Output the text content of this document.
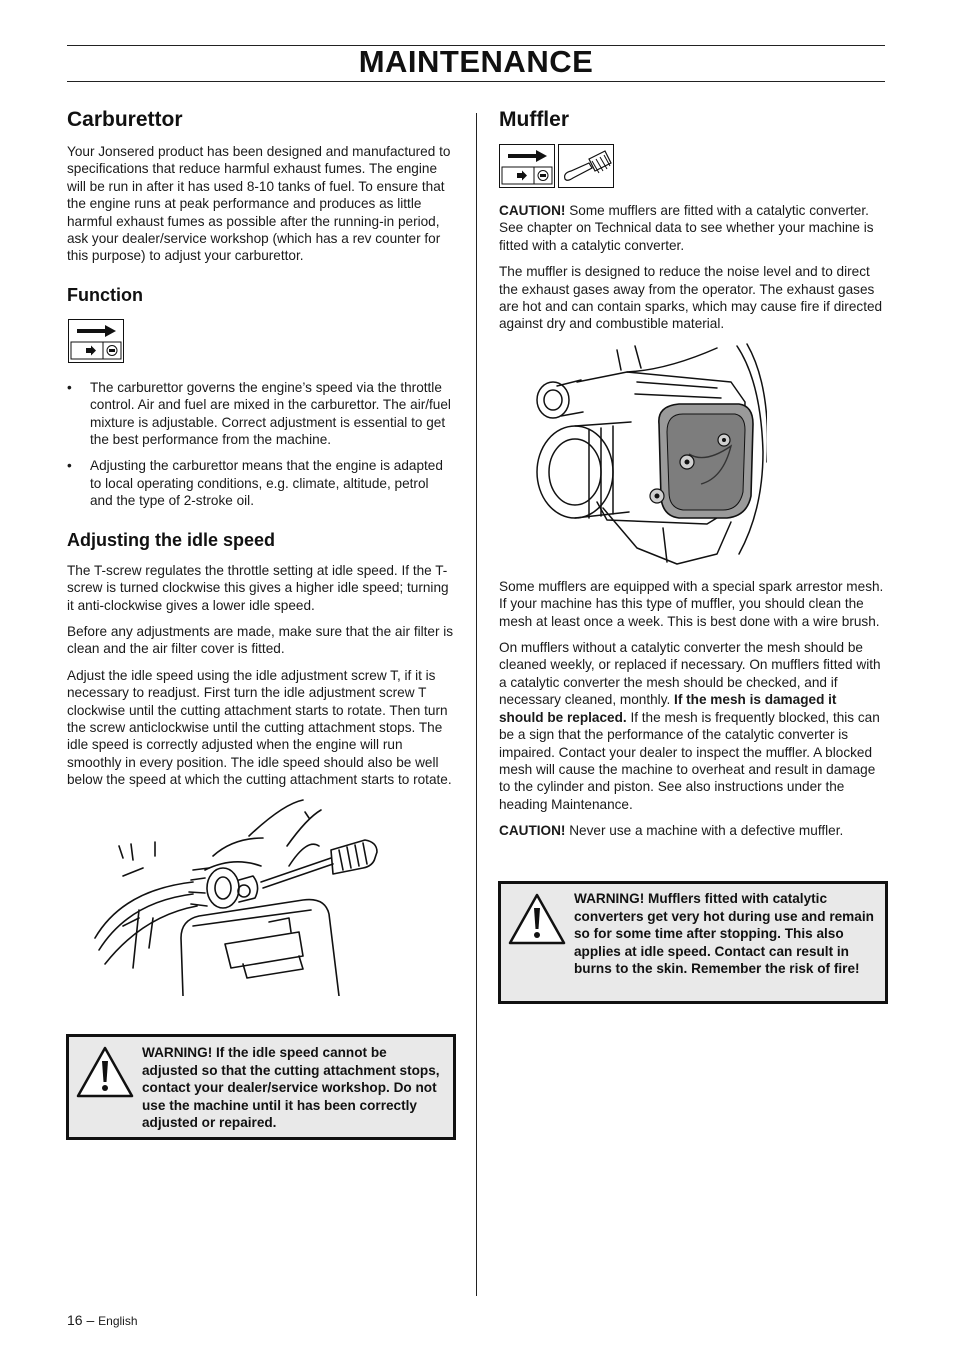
MAINTENANCE
Carburettor

Your Jonsered product has been designed and manufactured to specifications that reduce harmful exhaust fumes. The engine will be run in after it has used 8-10 tanks of fuel. To ensure that the engine runs at peak performance and produces as little harmful exhaust fumes as possible after the running-in period, ask your dealer/service workshop (which has a rev counter for this purpose) to adjust your carburettor.

Function
• The carburettor governs the engine’s speed via the throttle control. Air and fuel are mixed in the carburettor. The air/fuel mixture is adjustable. Correct adjustment is essential to get the best performance from the machine.
• Adjusting the carburettor means that the engine is adapted to local operating conditions, e.g. climate, altitude, petrol and the type of 2-stroke oil.
Adjusting the idle speed

The T-screw regulates the throttle setting at idle speed. If the T-screw is turned clockwise this gives a higher idle speed; turning it anti-clockwise gives a lower idle speed.

Before any adjustments are made, make sure that the air filter is clean and the air filter cover is fitted.

Adjust the idle speed using the idle adjustment screw T, if it is necessary to readjust. First turn the idle adjustment screw T clockwise until the cutting attachment starts to rotate. Then turn the screw anticlockwise until the cutting attachment stops. The idle speed is correctly adjusted when the engine will run smoothly in every position. The idle speed should also be well below the speed at which the cutting attachment starts to rotate.

WARNING! If the idle speed cannot be adjusted so that the cutting attachment stops, contact your dealer/service workshop. Do not use the machine until it has been correctly adjusted or repaired.
Muffler

CAUTION! Some mufflers are fitted with a catalytic converter. See chapter on Technical data to see whether your machine is fitted with a catalytic converter.

The muffler is designed to reduce the noise level and to direct the exhaust gases away from the operator. The exhaust gases are hot and can contain sparks, which may cause fire if directed against dry and combustible material.

Some mufflers are equipped with a special spark arrestor mesh. If your machine has this type of muffler, you should clean the mesh at least once a week. This is best done with a wire brush.

On mufflers without a catalytic converter the mesh should be cleaned weekly, or replaced if necessary. On mufflers fitted with a catalytic converter the mesh should be checked, and if necessary cleaned, monthly. If the mesh is damaged it should be replaced. If the mesh is frequently blocked, this can be a sign that the performance of the catalytic converter is impaired. Contact your dealer to inspect the muffler. A blocked mesh will cause the machine to overheat and result in damage to the cylinder and piston. See also instructions under the heading Maintenance.

CAUTION! Never use a machine with a defective muffler.

WARNING! Mufflers fitted with catalytic converters get very hot during use and remain so for some time after stopping. This also applies at idle speed. Contact can result in burns to the skin. Remember the risk of fire!
16 – English
